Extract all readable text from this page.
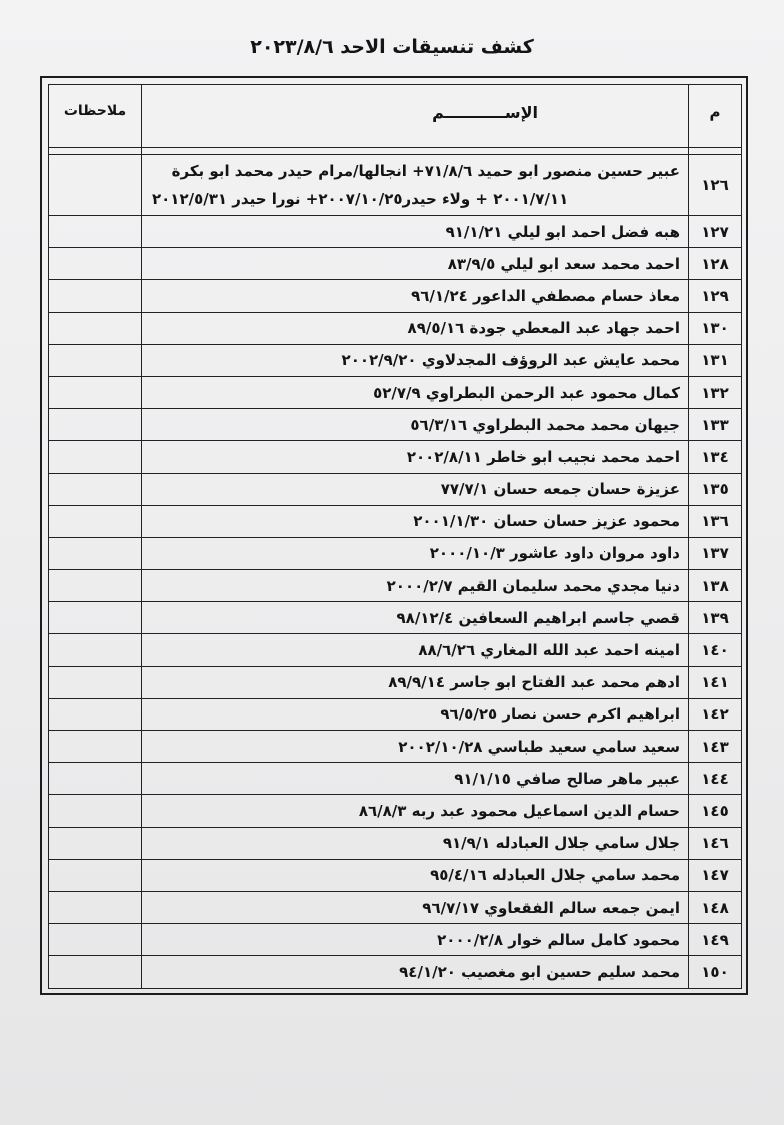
كشف تنسيقات الاحد ٢٠٢٣/٨/٦
م	الإســـــــــــم	ملاحظات

١٢٦	عبير حسين منصور ابو حميد ٧١/٨/٦+ انجالها/مرام حيدر محمد ابو بكرة
٢٠٠١/٧/١١ + ولاء حيدر٢٠٠٧/١٠/٢٥+ نورا حيدر ٢٠١٢/٥/٣١	

١٢٧	هبه فضل احمد ابو ليلي ٩١/١/٢١	
١٢٨	احمد محمد سعد ابو ليلي ٨٣/٩/٥	
١٢٩	معاذ حسام مصطفي الداعور ٩٦/١/٢٤	
١٣٠	احمد جهاد عبد المعطي جودة ٨٩/٥/١٦	
١٣١	محمد عايش عبد الروؤف المجدلاوي ٢٠٠٢/٩/٢٠	
١٣٢	كمال محمود عبد الرحمن البطراوي ٥٢/٧/٩	
١٣٣	جيهان محمد محمد البطراوي ٥٦/٣/١٦	
١٣٤	احمد محمد نجيب ابو خاطر ٢٠٠٢/٨/١١	
١٣٥	عزيزة حسان جمعه حسان ٧٧/٧/١	
١٣٦	محمود عزيز حسان حسان ٢٠٠١/١/٣٠	
١٣٧	داود مروان داود عاشور ٢٠٠٠/١٠/٣	
١٣٨	دنيا مجدي محمد سليمان القيم ٢٠٠٠/٢/٧	
١٣٩	قصي جاسم ابراهيم السعافين ٩٨/١٢/٤	
١٤٠	امينه احمد عبد الله المغاري ٨٨/٦/٢٦	
١٤١	ادهم محمد عبد الفتاح ابو جاسر ٨٩/٩/١٤	
١٤٢	ابراهيم اكرم حسن نصار ٩٦/٥/٢٥	
١٤٣	سعيد سامي سعيد طباسي ٢٠٠٢/١٠/٢٨	
١٤٤	عبير ماهر صالح صافي ٩١/١/١٥	
١٤٥	حسام الدين اسماعيل محمود عبد ربه ٨٦/٨/٣	
١٤٦	جلال سامي جلال العبادله ٩١/٩/١	
١٤٧	محمد سامي جلال العبادله ٩٥/٤/١٦	
١٤٨	ايمن جمعه سالم الفقعاوي ٩٦/٧/١٧	
١٤٩	محمود كامل سالم خوار ٢٠٠٠/٢/٨	
١٥٠	محمد سليم حسين ابو مغصيب ٩٤/١/٢٠	
